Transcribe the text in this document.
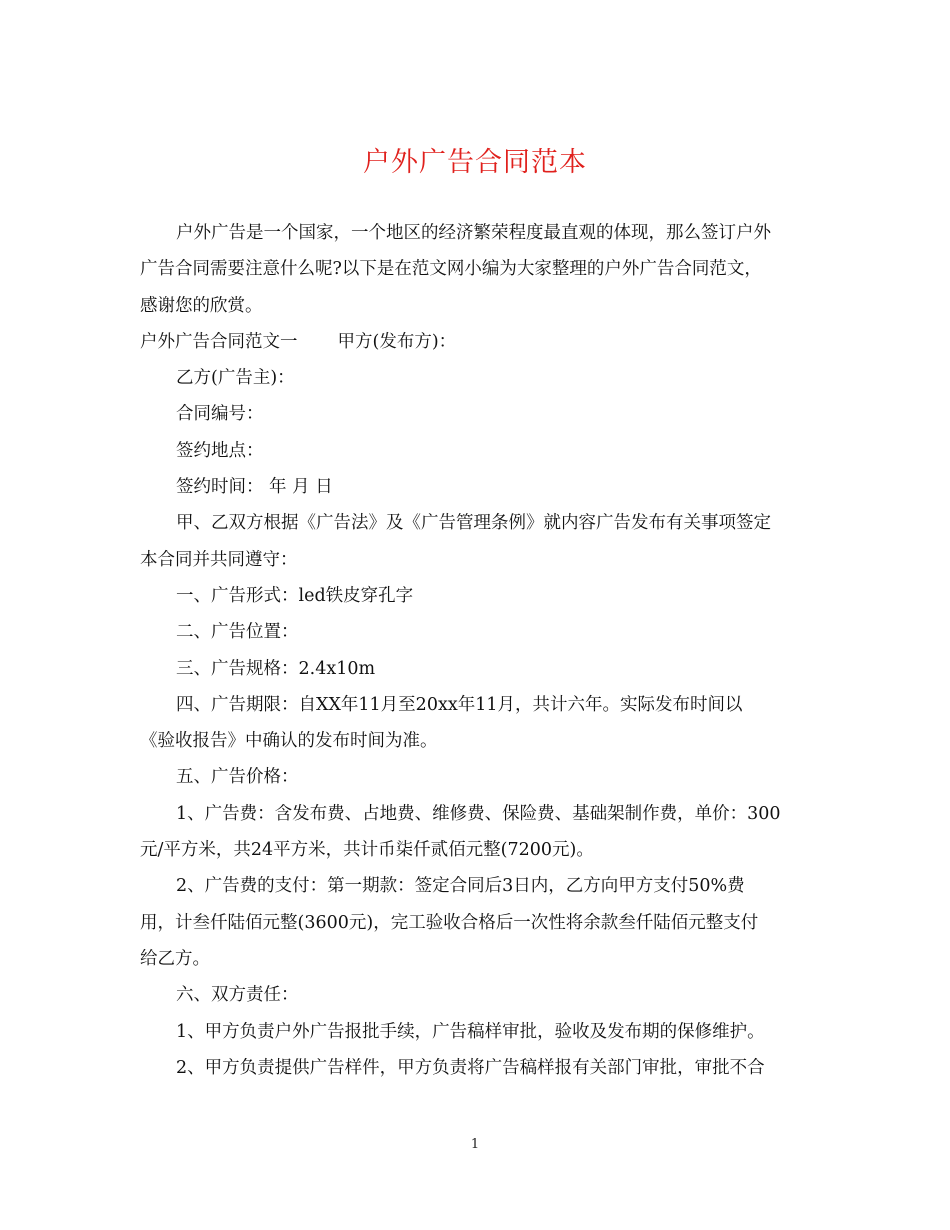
户外广告合同范本

户外广告是一个国家，一个地区的经济繁荣程度最直观的体现，那么签订户外

广告合同需要注意什么呢?以下是在范文网小编为大家整理的户外广告合同范文，

感谢您的欣赏。

户外广告合同范文一 甲方(发布方)：

乙方(广告主)：

合同编号：

签约地点：

签约时间： 年 月 日

甲、乙双方根据《广告法》及《广告管理条例》就内容广告发布有关事项签定

本合同并共同遵守：

一、广告形式：led铁皮穿孔字

二、广告位置：

三、广告规格：2.4x10m

四、广告期限：自XX年11月至20xx年11月，共计六年。实际发布时间以

《验收报告》中确认的发布时间为准。

五、广告价格：

1、广告费：含发布费、占地费、维修费、保险费、基础架制作费，单价：300

元/平方米，共24平方米，共计币柒仟贰佰元整(7200元)。

2、广告费的支付：第一期款：签定合同后3日内，乙方向甲方支付50%费

用，计叁仟陆佰元整(3600元)，完工验收合格后一次性将余款叁仟陆佰元整支付

给乙方。

六、双方责任：

1、甲方负责户外广告报批手续，广告稿样审批，验收及发布期的保修维护。

2、甲方负责提供广告样件，甲方负责将广告稿样报有关部门审批，审批不合

1
